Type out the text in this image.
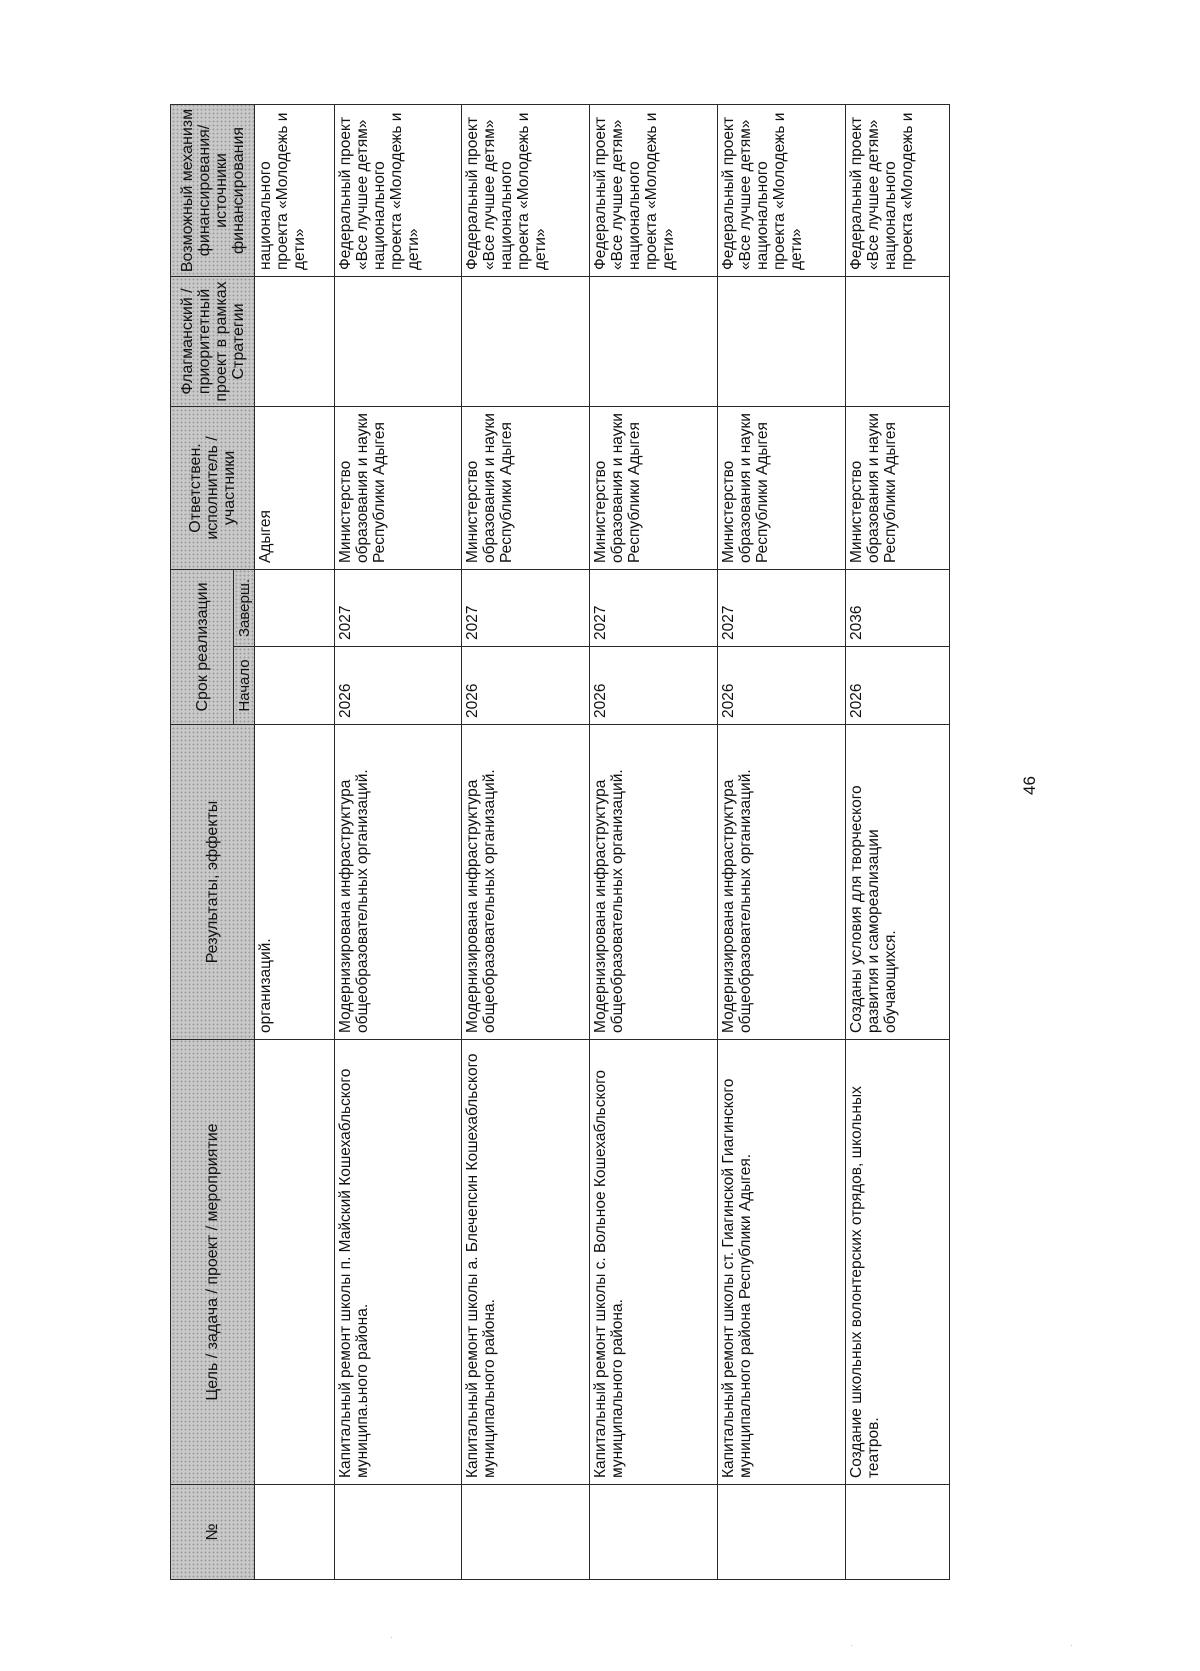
№	Цель / задача / проект / мероприятие	Результаты, эффекты	Срок реализации		Ответствен. исполнитель / участники	Флагманский / приоритетный проект в рамках Стратегии	Возможный механизм финансирования/ источники финансирования
			Начало	Заверш.			
		организаций.			Адыгея		национального проекта «Молодежь и дети»
	Капитальный ремонт школы п. Майский Кошехабльского муниципа.ьного района.	Модернизирована инфраструктура общеобразовательных организаций.	2026	2027	Министерство образования и науки Республики Адыгея		Федеральный проект «Все лучшее детям» национального проекта «Молодежь и дети»
	Капитальный ремонт школы а. Блечепсин Кошехабльского муниципального района.	Модернизирована инфраструктура общеобразовательных организаций.	2026	2027	Министерство образования и науки Республики Адыгея		Федеральный проект «Все лучшее детям» национального проекта «Молодежь и дети»
	Капитальный ремонт школы с. Вольное Кошехабльского муниципального района.	Модернизирована инфраструктура общеобразовательных организаций.	2026	2027	Министерство образования и науки Республики Адыгея		Федеральный проект «Все лучшее детям» национального проекта «Молодежь и дети»
	Капитальный ремонт школы ст. Гиагинской Гиагинского муниципального района Республики Адыгея.	Модернизирована инфраструктура общеобразовательных организаций.	2026	2027	Министерство образования и науки Республики Адыгея		Федеральный проект «Все лучшее детям» национального проекта «Молодежь и дети»
	Создание школьных волонтерских отрядов, школьных театров.	Созданы условия для творческого развития и самореализации обучающихся.	2026	2036	Министерство образования и науки Республики Адыгея		Федеральный проект «Все лучшее детям» национального проекта «Молодежь и
46
·
·	·
